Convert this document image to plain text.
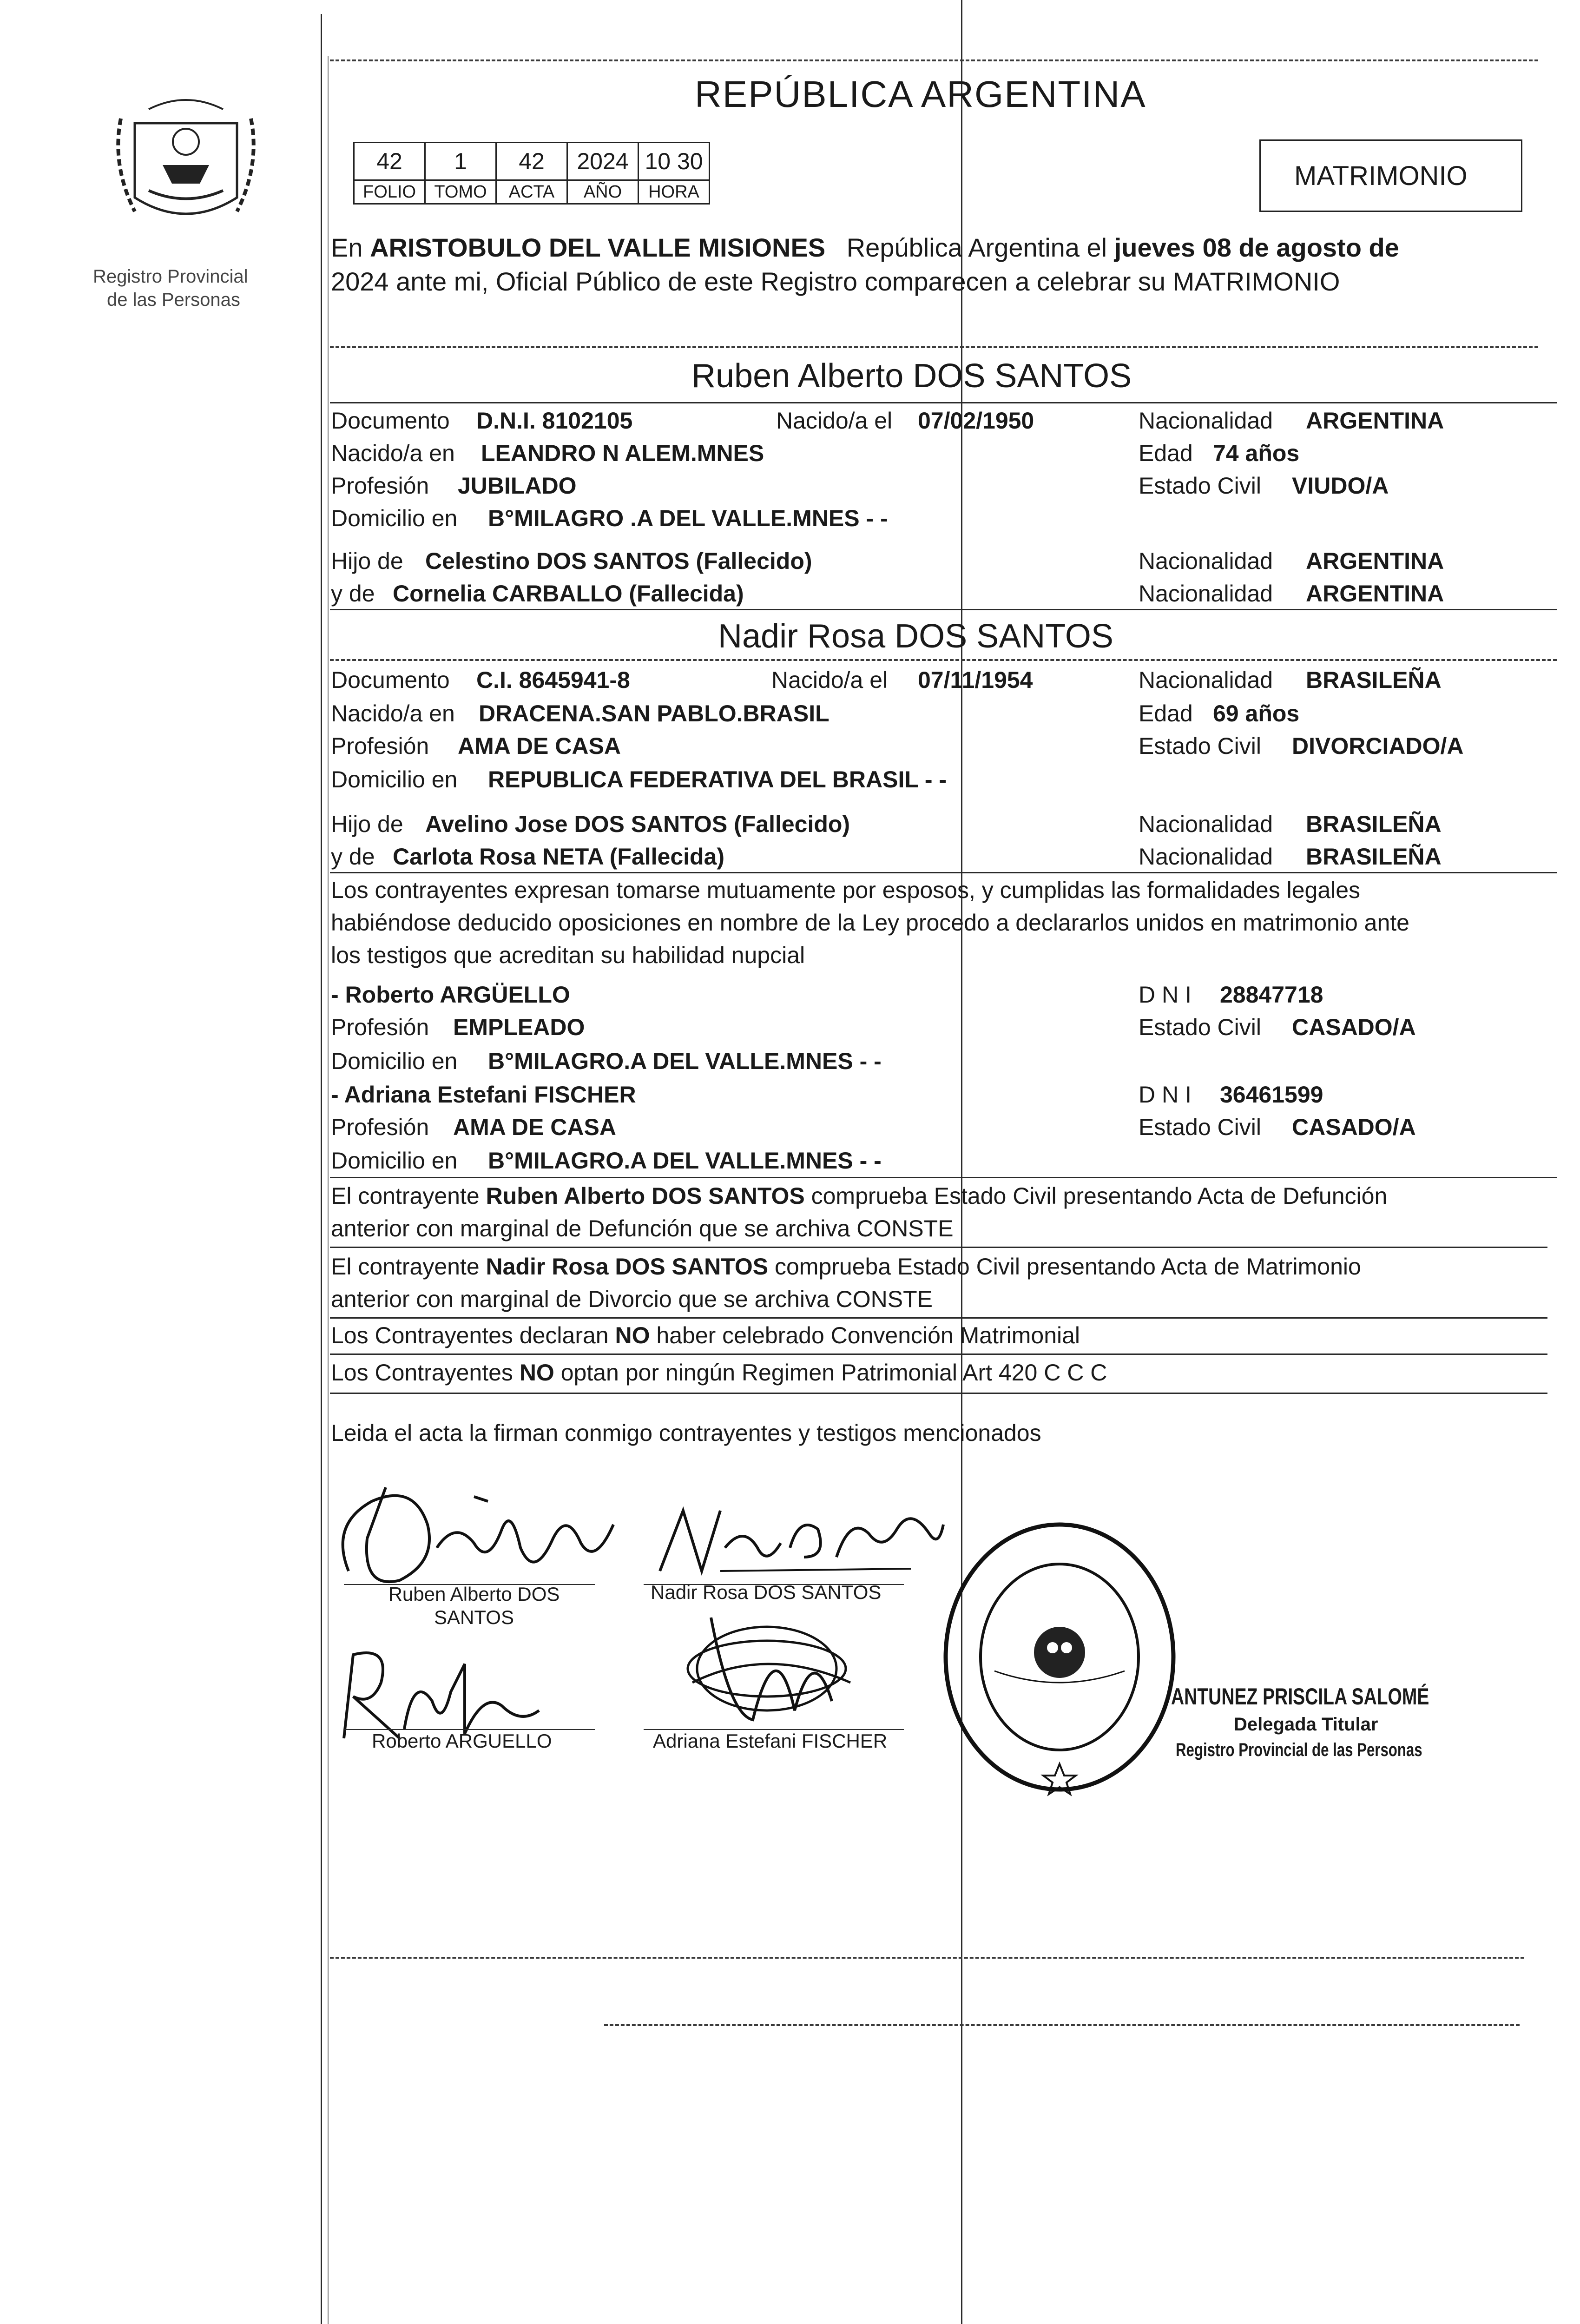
Registro Provincial
de las Personas
REPÚBLICA ARGENTINA
42	1	42	2024	10 30
FOLIO	TOMO	ACTA	AÑO	HORA
MATRIMONIO
En ARISTOBULO DEL VALLE MISIONES República Argentina el jueves 08 de agosto de
2024 ante mi, Oficial Público de este Registro comparecen a celebrar su MATRIMONIO
Ruben Alberto DOS SANTOS
Documento D.N.I. 8102105	Nacido/a el 07/02/1950	Nacionalidad ARGENTINA
Nacido/a en LEANDRO N ALEM.MNES	Edad 74 años
Profesión JUBILADO	Estado Civil VIUDO/A
Domicilio en B°MILAGRO .A DEL VALLE.MNES - -
Hijo de Celestino DOS SANTOS (Fallecido)	Nacionalidad ARGENTINA
y de Cornelia CARBALLO (Fallecida)	Nacionalidad ARGENTINA
Nadir Rosa DOS SANTOS
Documento C.I. 8645941-8	Nacido/a el 07/11/1954	Nacionalidad BRASILEÑA
Nacido/a en DRACENA.SAN PABLO.BRASIL	Edad 69 años
Profesión AMA DE CASA	Estado Civil DIVORCIADO/A
Domicilio en REPUBLICA FEDERATIVA DEL BRASIL - -
Hijo de Avelino Jose DOS SANTOS (Fallecido)	Nacionalidad BRASILEÑA
y de Carlota Rosa NETA (Fallecida)	Nacionalidad BRASILEÑA
Los contrayentes expresan tomarse mutuamente por esposos, y cumplidas las formalidades legales
habiéndose deducido oposiciones en nombre de la Ley procedo a declararlos unidos en matrimonio ante
los testigos que acreditan su habilidad nupcial
- Roberto ARGÜELLO	D N I 28847718
Profesión EMPLEADO	Estado Civil CASADO/A
Domicilio en B°MILAGRO.A DEL VALLE.MNES - -
- Adriana Estefani FISCHER	D N I 36461599
Profesión AMA DE CASA	Estado Civil CASADO/A
Domicilio en B°MILAGRO.A DEL VALLE.MNES - -
El contrayente Ruben Alberto DOS SANTOS comprueba Estado Civil presentando Acta de Defunción
anterior con marginal de Defunción que se archiva CONSTE
El contrayente Nadir Rosa DOS SANTOS comprueba Estado Civil presentando Acta de Matrimonio
anterior con marginal de Divorcio que se archiva CONSTE
Los Contrayentes declaran NO haber celebrado Convención Matrimonial
Los Contrayentes NO optan por ningún Regimen Patrimonial Art 420 C C C
Leida el acta la firman conmigo contrayentes y testigos mencionados
Ruben Alberto DOS SANTOS
Nadir Rosa DOS SANTOS
Roberto ARGUELLO	Adriana Estefani FISCHER
ANTUNEZ PRISCILA SALOMÉ
Delegada Titular
Registro Provincial de las Personas
